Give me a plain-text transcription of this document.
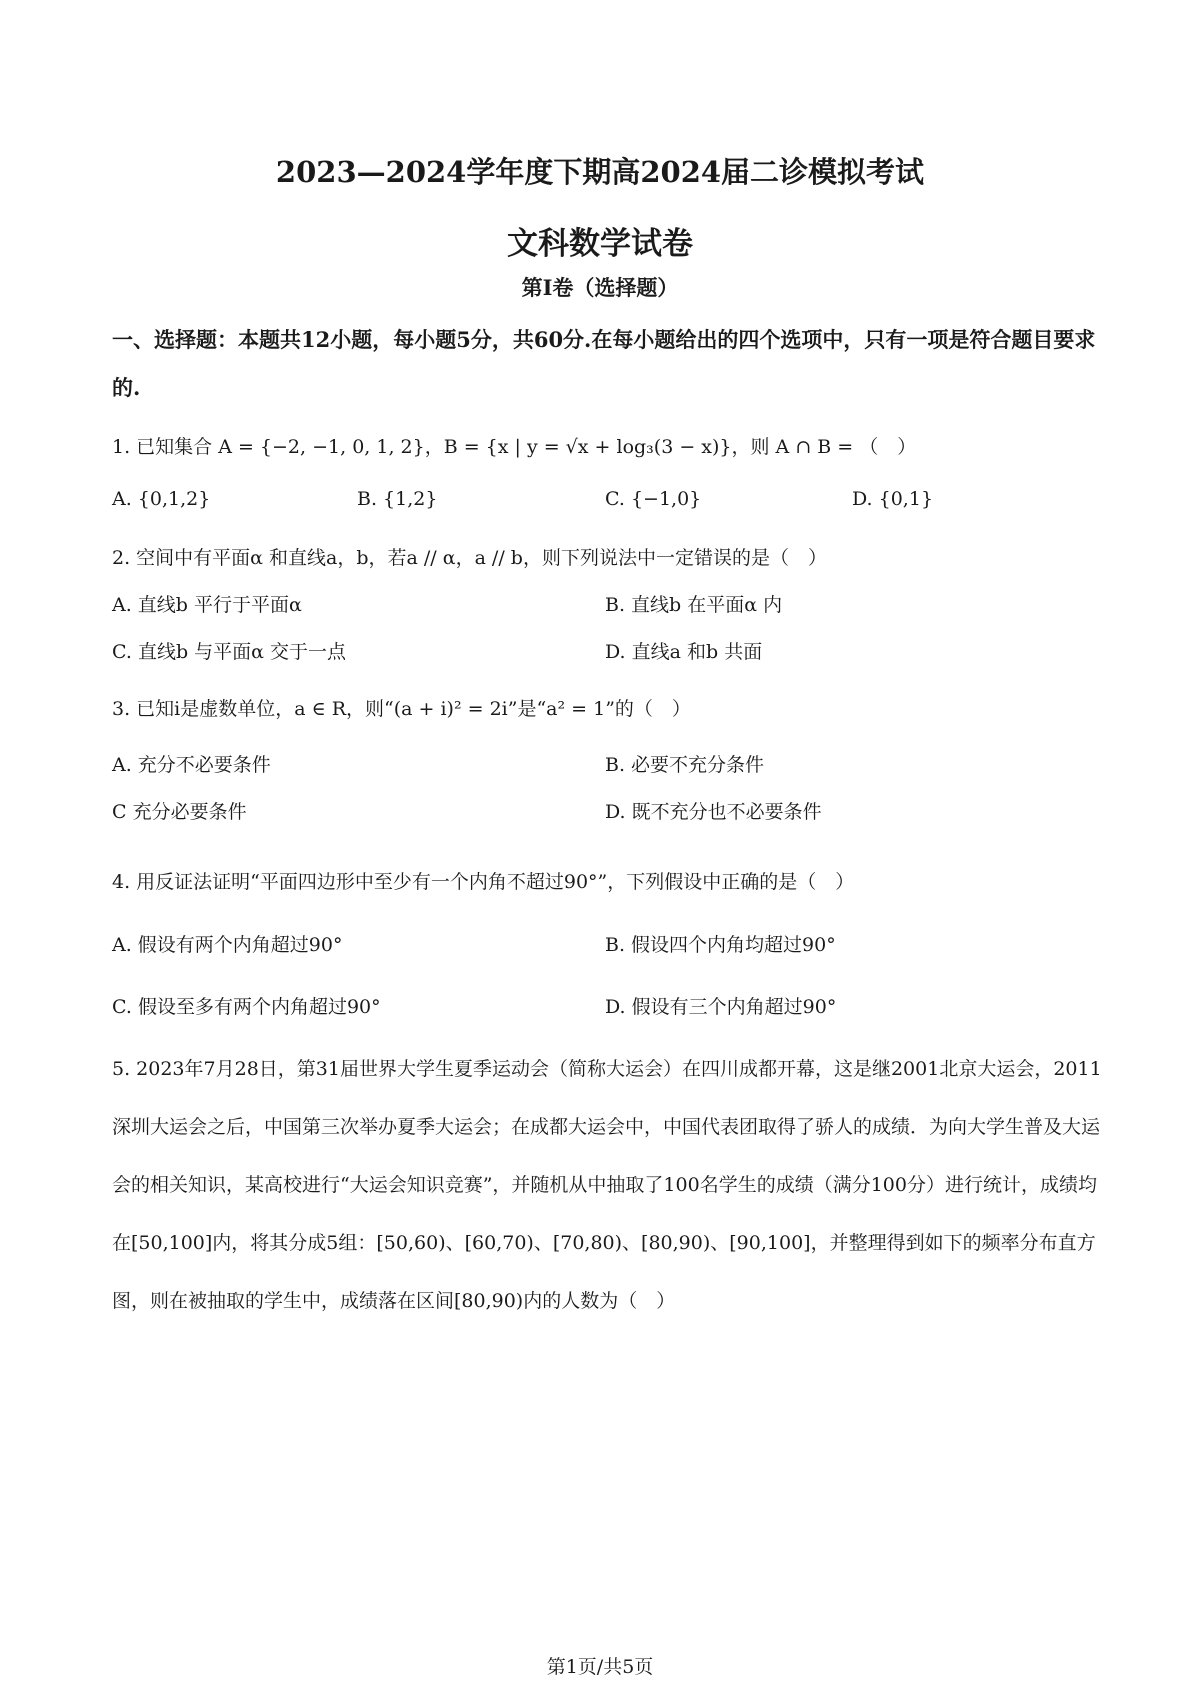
2023—2024学年度下期高2024届二诊模拟考试
文科数学试卷
第I卷（选择题）
一、选择题：本题共12小题，每小题5分，共60分.在每小题给出的四个选项中，只有一项是符合题目要求的.
1. 已知集合 A = {−2, −1, 0, 1, 2}，B = {x | y = √x + log₃(3 − x)}，则 A ∩ B = （　）
A. {0,1,2}	B. {1,2}	C. {−1,0}	D. {0,1}
2. 空间中有平面α 和直线a，b，若a // α，a // b，则下列说法中一定错误的是（　）
A. 直线b 平行于平面α	B. 直线b 在平面α 内
C. 直线b 与平面α 交于一点	D. 直线a 和b 共面
3. 已知i是虚数单位，a ∈ R，则“(a + i)² = 2i”是“a² = 1”的（　）
A. 充分不必要条件	B. 必要不充分条件
C 充分必要条件	D. 既不充分也不必要条件
4. 用反证法证明“平面四边形中至少有一个内角不超过90°”，下列假设中正确的是（　）
A. 假设有两个内角超过90°	B. 假设四个内角均超过90°
C. 假设至多有两个内角超过90°	D. 假设有三个内角超过90°
5. 2023年7月28日，第31届世界大学生夏季运动会（简称大运会）在四川成都开幕，这是继2001北京大运会，2011深圳大运会之后，中国第三次举办夏季大运会；在成都大运会中，中国代表团取得了骄人的成绩．为向大学生普及大运会的相关知识，某高校进行“大运会知识竞赛”，并随机从中抽取了100名学生的成绩（满分100分）进行统计，成绩均在[50,100]内，将其分成5组：[50,60)、[60,70)、[70,80)、[80,90)、[90,100]，并整理得到如下的频率分布直方图，则在被抽取的学生中，成绩落在区间[80,90)内的人数为（　）
第1页/共5页
